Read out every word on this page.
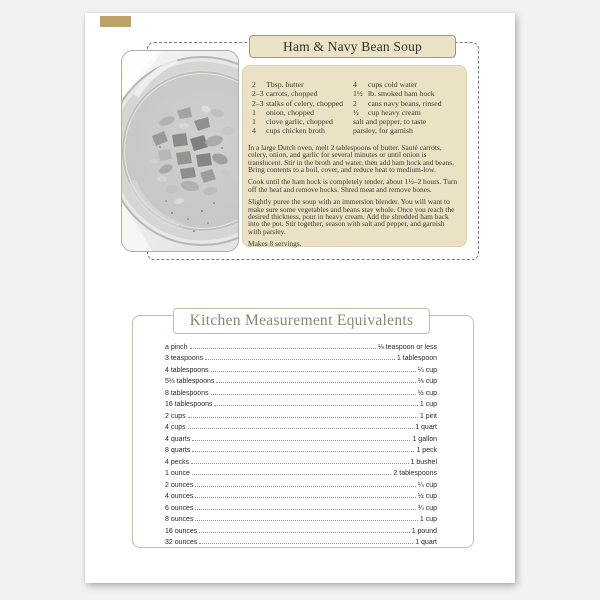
Ham & Navy Bean Soup
2	Tbsp. butter
2–3 carrots, chopped
2–3 stalks of celery, chopped
1	onion, chopped
1	clove garlic, chopped
4	cups chicken broth
4	cups cold water
1½ lb. smoked ham hock
2	cans navy beans, rinsed
½	cup heavy cream
salt and pepper, to taste
parsley, for garnish

In a large Dutch oven, melt 2 tablespoons of butter. Sauté carrots, celery, onion, and garlic for several minutes or until onion is translucent. Stir in the broth and water, then add ham hock and beans. Bring contents to a boil, cover, and reduce heat to medium-low.

Cook until the ham hock is completely tender, about 1½–2 hours. Turn off the heat and remove hocks. Shred meat and remove bones.

Slightly puree the soup with an immersion blender. You will want to make sure some vegetables and beans stay whole. Once you reach the desired thickness, pour in heavy cream. Add the shredded ham back into the pot. Stir together, season with salt and pepper, and garnish with parsley.

Makes 8 servings.

Kitchen Measurement Equivalents
a pinch	⅛ teaspoon or less
3 teaspoons	1 tablespoon
4 tablespoons	¼ cup
5⅓ tablespoons	⅓ cup
8 tablespoons	½ cup
16 tablespoons	1 cup
2 cups	1 pint
4 cups	1 quart
4 quarts	1 gallon
8 quarts	1 peck
4 pecks	1 bushel
1 ounce	2 tablespoons
2 ounces	¼ cup
4 ounces	½ cup
6 ounces	¾ cup
8 ounces	1 cup
16 ounces	1 pound
32 ounces	1 quart
